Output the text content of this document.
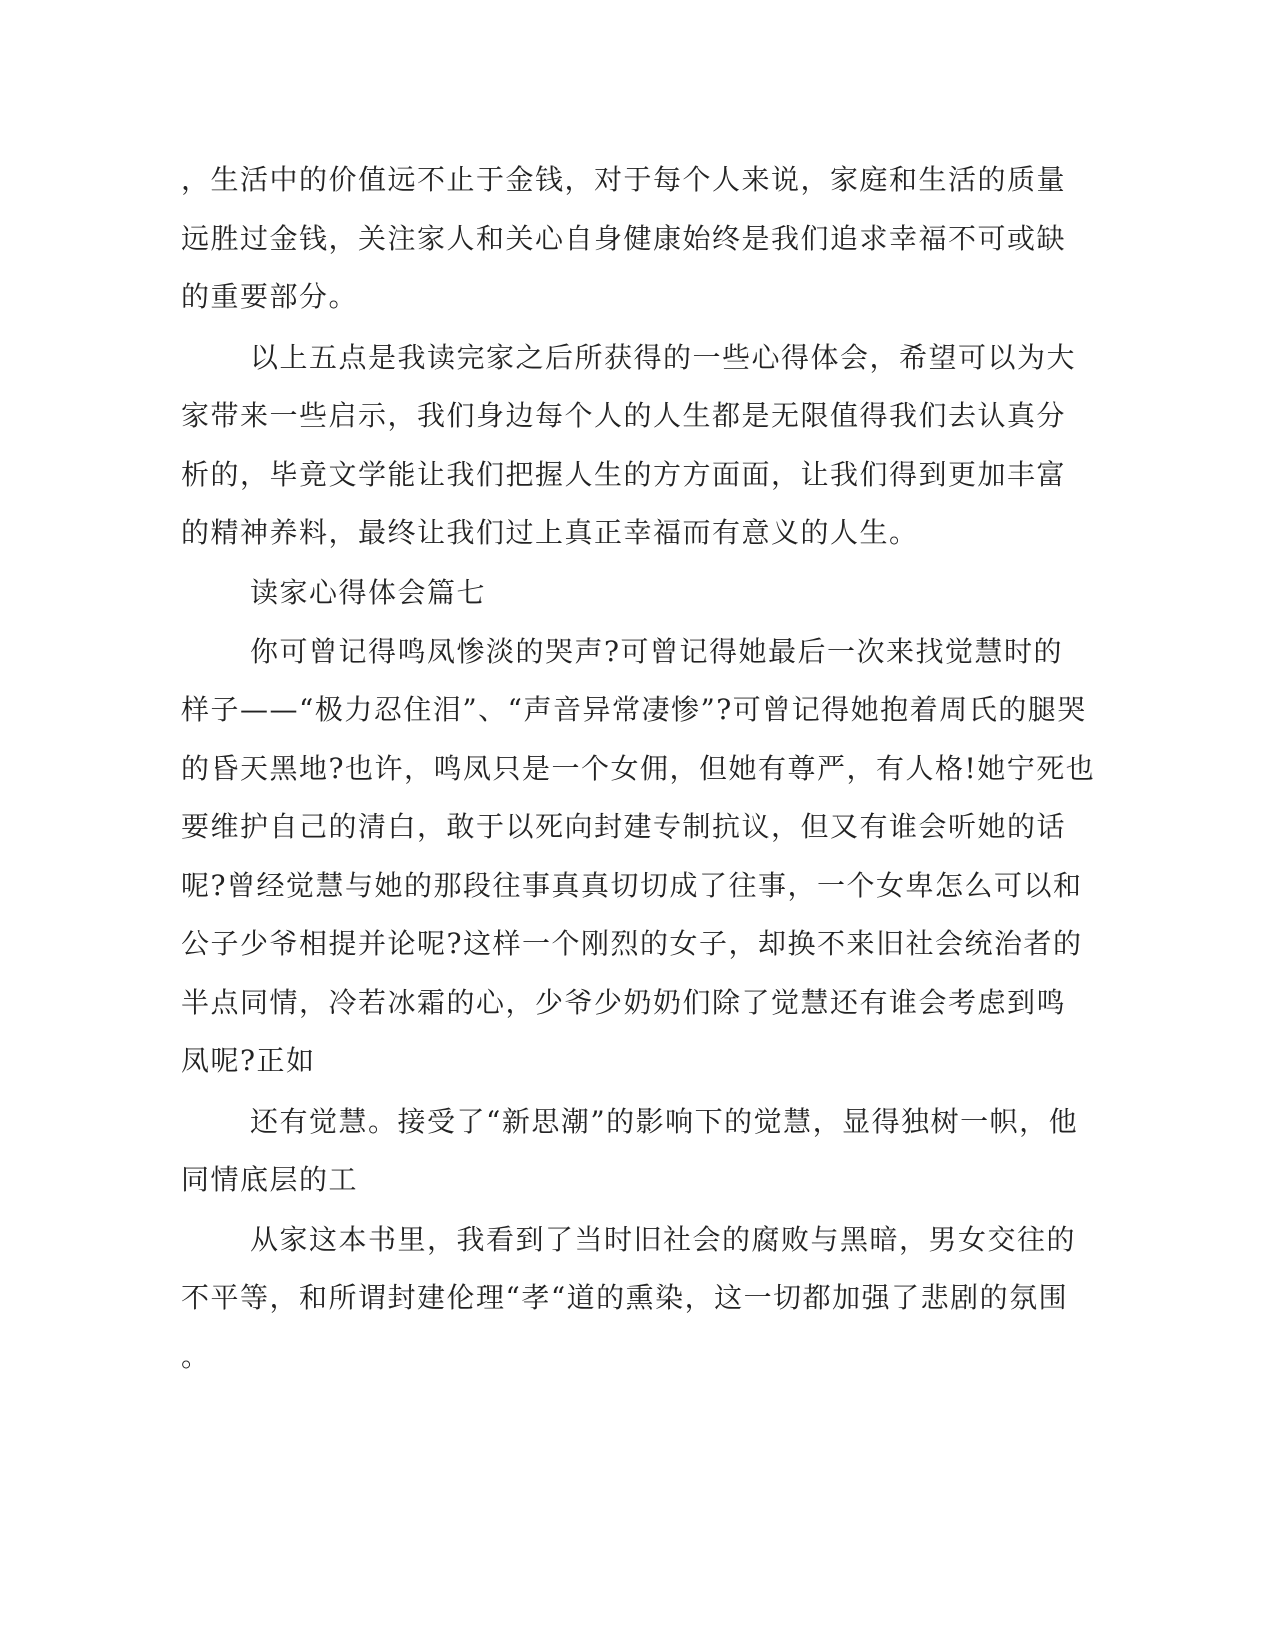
，生活中的价值远不止于金钱，对于每个人来说，家庭和生活的质量
远胜过金钱，关注家人和关心自身健康始终是我们追求幸福不可或缺
的重要部分。
以上五点是我读完家之后所获得的一些心得体会，希望可以为大
家带来一些启示，我们身边每个人的人生都是无限值得我们去认真分
析的，毕竟文学能让我们把握人生的方方面面，让我们得到更加丰富
的精神养料，最终让我们过上真正幸福而有意义的人生。
读家心得体会篇七
你可曾记得鸣凤惨淡的哭声?可曾记得她最后一次来找觉慧时的
样子——“极力忍住泪”、“声音异常凄惨”?可曾记得她抱着周氏的腿哭
的昏天黑地?也许，鸣凤只是一个女佣，但她有尊严，有人格!她宁死也
要维护自己的清白，敢于以死向封建专制抗议，但又有谁会听她的话
呢?曾经觉慧与她的那段往事真真切切成了往事，一个女卑怎么可以和
公子少爷相提并论呢?这样一个刚烈的女子，却换不来旧社会统治者的
半点同情，冷若冰霜的心，少爷少奶奶们除了觉慧还有谁会考虑到鸣
凤呢?正如
还有觉慧。接受了“新思潮”的影响下的觉慧，显得独树一帜，他
同情底层的工
从家这本书里，我看到了当时旧社会的腐败与黑暗，男女交往的
不平等，和所谓封建伦理“孝“道的熏染，这一切都加强了悲剧的氛围
。
